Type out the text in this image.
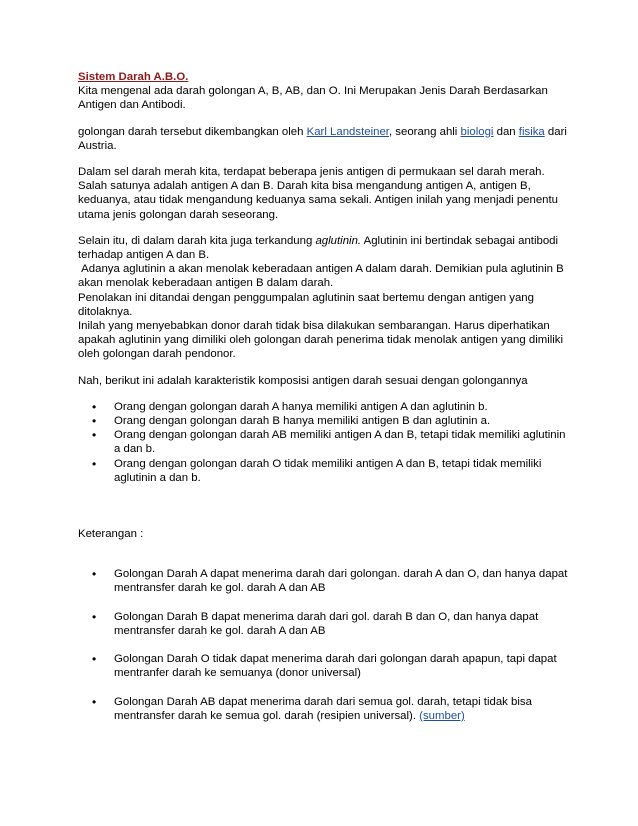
Sistem Darah A.B.O.
Kita mengenal ada darah golongan A, B, AB, dan O. Ini Merupakan Jenis Darah Berdasarkan Antigen dan Antibodi.
golongan darah tersebut dikembangkan oleh Karl Landsteiner, seorang ahli biologi dan fisika dari Austria.
Dalam sel darah merah kita, terdapat beberapa jenis antigen di permukaan sel darah merah. Salah satunya adalah antigen A dan B. Darah kita bisa mengandung antigen A, antigen B, keduanya, atau tidak mengandung keduanya sama sekali. Antigen inilah yang menjadi penentu utama jenis golongan darah seseorang.
Selain itu, di dalam darah kita juga terkandung aglutinin. Aglutinin ini bertindak sebagai antibodi terhadap antigen A dan B.
Adanya aglutinin a akan menolak keberadaan antigen A dalam darah. Demikian pula aglutinin B akan menolak keberadaan antigen B dalam darah.
Penolakan ini ditandai dengan penggumpalan aglutinin saat bertemu dengan antigen yang ditolaknya.
Inilah yang menyebabkan donor darah tidak bisa dilakukan sembarangan. Harus diperhatikan apakah aglutinin yang dimiliki oleh golongan darah penerima tidak menolak antigen yang dimiliki oleh golongan darah pendonor.
Nah, berikut ini adalah karakteristik komposisi antigen darah sesuai dengan golongannya
• Orang dengan golongan darah A hanya memiliki antigen A dan aglutinin b.
• Orang dengan golongan darah B hanya memiliki antigen B dan aglutinin a.
• Orang dengan golongan darah AB memiliki antigen A dan B, tetapi tidak memiliki aglutinin a dan b.
• Orang dengan golongan darah O tidak memiliki antigen A dan B, tetapi tidak memiliki aglutinin a dan b.
Keterangan :
• Golongan Darah A dapat menerima darah dari golongan. darah A dan O, dan hanya dapat mentransfer darah ke gol. darah A dan AB
• Golongan Darah B dapat menerima darah dari gol. darah B dan O, dan hanya dapat mentransfer darah ke gol. darah A dan AB
• Golongan Darah O tidak dapat menerima darah dari golongan darah apapun, tapi dapat mentranfer darah ke semuanya (donor universal)
• Golongan Darah AB dapat menerima darah dari semua gol. darah, tetapi tidak bisa mentransfer darah ke semua gol. darah (resipien universal). (sumber)
